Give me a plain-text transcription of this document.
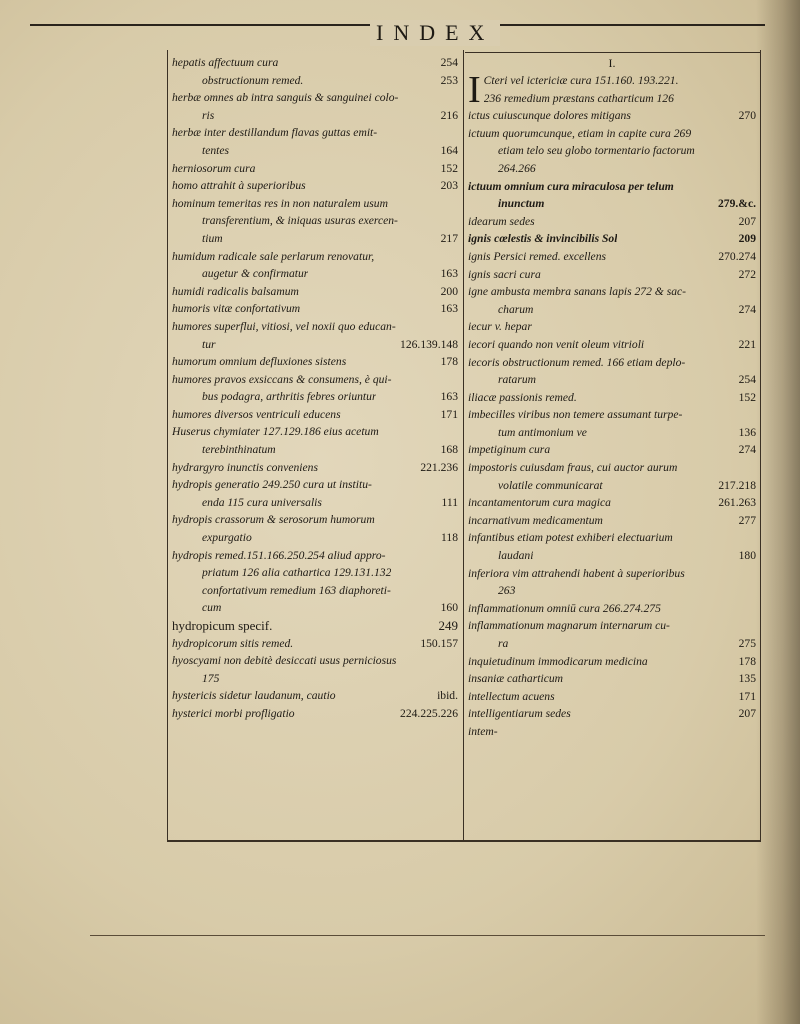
INDEX
hepatis affectuum cura	254
obstructionum remed.	253
herbæ omnes ab intra sanguis & sanguinei colo-
ris	216
herbæ inter destillandum flavas guttas emit-
tentes	164
herniosorum cura	152
homo attrahit à superioribus	203
hominum temeritas res in non naturalem usum
transferentium, & iniquas usuras exercen-
tium	217
humidum radicale sale perlarum renovatur,
augetur & confirmatur	163
humidi radicalis balsamum	200
humoris vitæ confortativum	163
humores superflui, vitiosi, vel noxii quo educan-
tur	126.139.148
humorum omnium defluxiones sistens	178
humores pravos exsiccans & consumens, è qui-
bus podagra, arthritis febres oriuntur	163
humores diversos ventriculi educens	171
Huserus chymiater 127.129.186 eius acetum
terebinthinatum	168
hydrargyro inunctis conveniens	221.236
hydropis generatio 249.250 cura ut institu-
enda 115 cura universalis	111
hydropis crassorum & serosorum humorum
expurgatio	118
hydropis remed.151.166.250.254 aliud appro-
priatum 126 alia cathartica 129.131.132
confortativum remedium 163 diaphoreti-
cum	160
hydropicum specif.	249
hydropicorum sitis remed.	150.157
hyoscyami non debitè desiccati usus perniciosus
175
hystericis sidetur laudanum, cautio	ibid.
hysterici morbi profligatio	224.225.226
I.
I Cteri vel ictericiæ cura 151.160. 193.221.
236 remedium præstans catharticum 126
ictus cuiuscunque dolores mitigans	270
ictuum quorumcunque, etiam in capite cura 269
etiam telo seu globo tormentario factorum
264.266
ictuum omnium cura miraculosa per telum
inunctum	279.&c.
idearum sedes	207
ignis cœlestis & invincibilis Sol	209
ignis Persici remed. excellens	270.274
ignis sacri cura	272
igne ambusta membra sanans lapis 272 & sac-
charum	274
iecur v. hepar
iecori quando non venit oleum vitrioli	221
iecoris obstructionum remed. 166 etiam deplo-
ratarum	254
iliacæ passionis remed.	152
imbecilles viribus non temere assumant turpe-
tum antimonium ve	136
impetiginum cura	274
impostoris cuiusdam fraus, cui auctor aurum
volatile communicarat	217.218
incantamentorum cura magica	261.263
incarnativum medicamentum	277
infantibus etiam potest exhiberi electuarium
laudani	180
inferiora vim attrahendi habent à superioribus
263
inflammationum omniū cura 266.274.275
inflammationum magnarum internarum cu-
ra	275
inquietudinum immodicarum medicina	178
insaniæ catharticum	135
intellectum acuens	171
intelligentiarum sedes	207
intem-
